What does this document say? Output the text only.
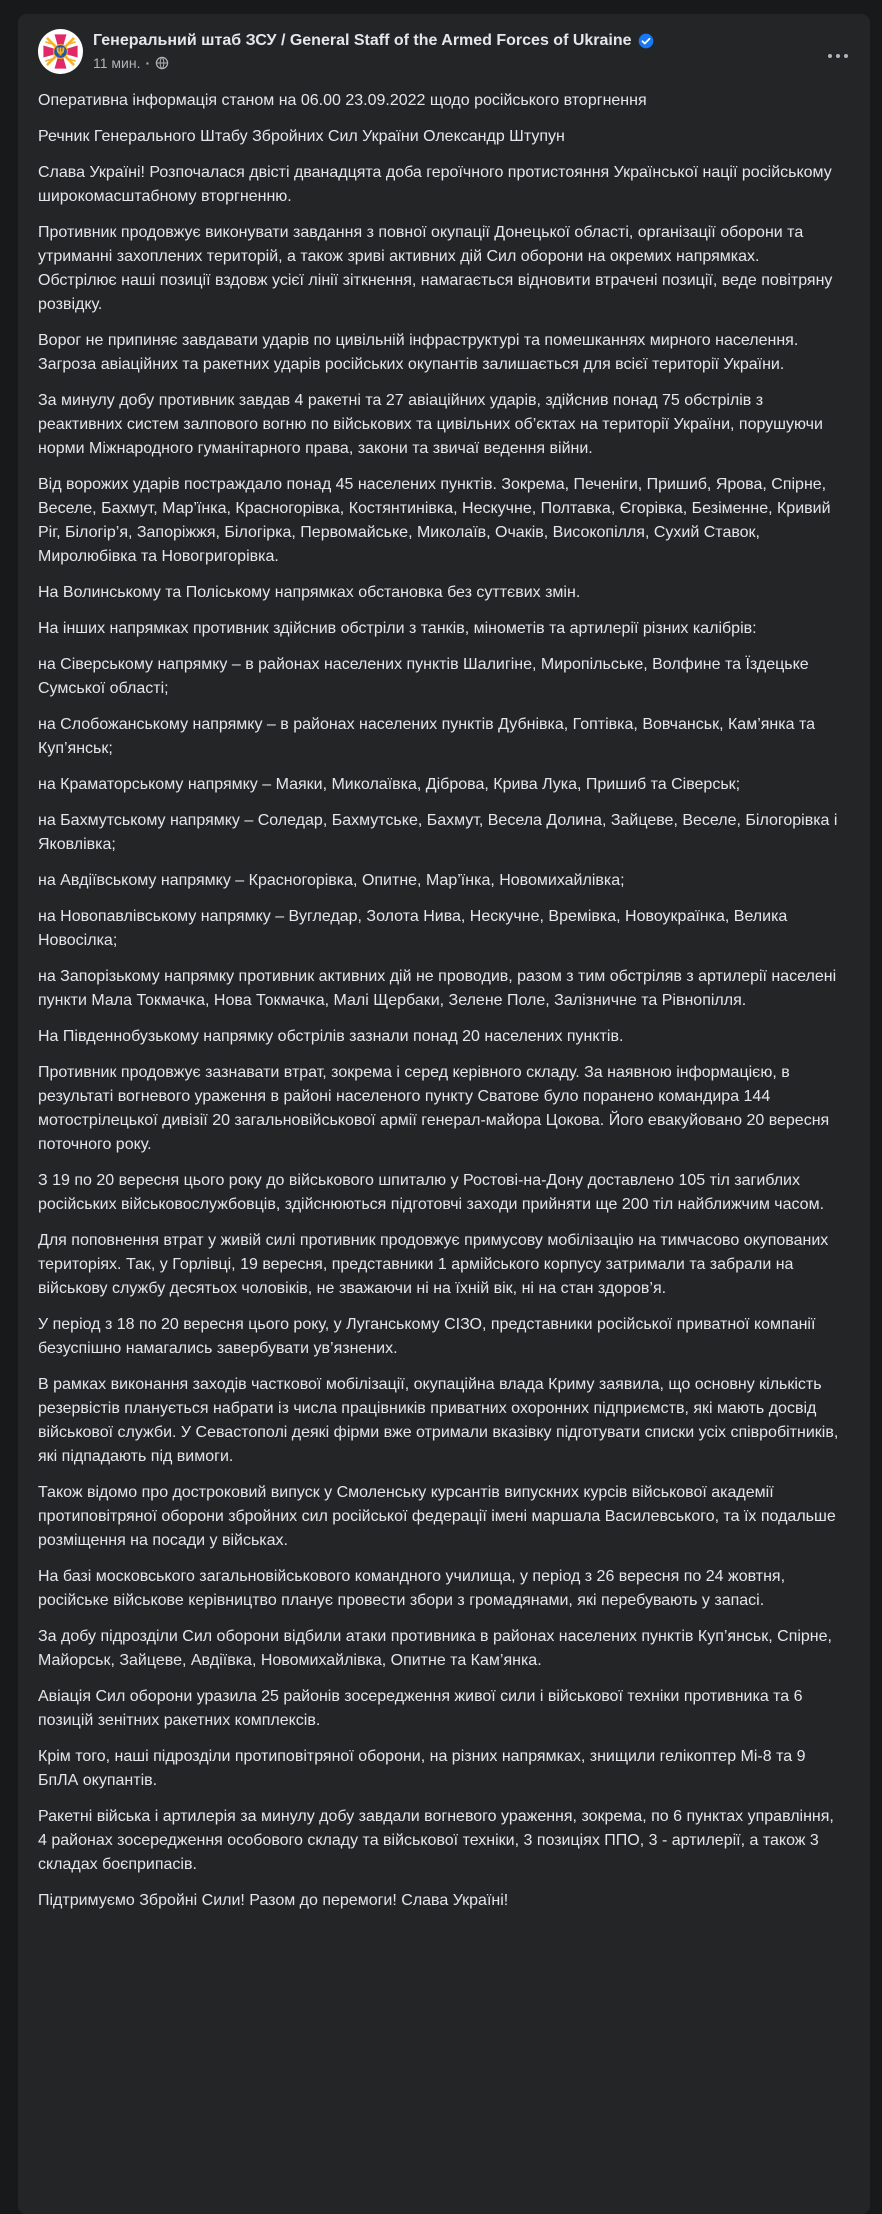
Ψ
Генеральний штаб ЗСУ / General Staff of the Armed Forces of Ukraine
11 мин. ·

Оперативна інформація станом на 06.00 23.09.2022 щодо російського вторгнення

Речник Генерального Штабу Збройних Сил України Олександр Штупун

Слава Україні! Розпочалася двісті дванадцята доба героїчного протистояння Української нації російському широкомасштабному вторгненню.

Противник продовжує виконувати завдання з повної окупації Донецької області, організації оборони та утриманні захоплених територій, а також зриві активних дій Сил оборони на окремих напрямках. Обстрілює наші позиції вздовж усієї лінії зіткнення, намагається відновити втрачені позиції, веде повітряну розвідку.

Ворог не припиняє завдавати ударів по цивільній інфраструктурі та помешканнях мирного населення. Загроза авіаційних та ракетних ударів російських окупантів залишається для всієї території України.

За минулу добу противник завдав 4 ракетні та 27 авіаційних ударів, здійснив понад 75 обстрілів з реактивних систем залпового вогню по військових та цивільних об’єктах на території України, порушуючи норми Міжнародного гуманітарного права, закони та звичаї ведення війни.

Від ворожих ударів постраждало понад 45 населених пунктів. Зокрема, Печеніги, Пришиб, Ярова, Спірне, Веселе, Бахмут, Мар’їнка, Красногорівка, Костянтинівка, Нескучне, Полтавка, Єгорівка, Безіменне, Кривий Ріг, Білогір’я, Запоріжжя, Білогірка, Первомайське, Миколаїв, Очаків, Високопілля, Сухий Ставок, Миролюбівка та Новогригорівка.

На Волинському та Поліському напрямках обстановка без суттєвих змін.

На інших напрямках противник здійснив обстріли з танків, мінометів та артилерії різних калібрів:

на Сіверському напрямку – в районах населених пунктів Шалигіне, Миропільське, Волфине та Їздецьке Сумської області;

на Слобожанському напрямку – в районах населених пунктів Дубнівка, Гоптівка, Вовчанськ, Кам’янка та Куп’янськ;

на Краматорському напрямку – Маяки, Миколаївка, Діброва, Крива Лука, Пришиб та Сіверськ;

на Бахмутському напрямку – Соледар, Бахмутське, Бахмут, Весела Долина, Зайцеве, Веселе, Білогорівка і Яковлівка;

на Авдіївському напрямку – Красногорівка, Опитне, Мар’їнка, Новомихайлівка;

на Новопавлівському напрямку – Вугледар, Золота Нива, Нескучне, Времівка, Новоукраїнка, Велика Новосілка;

на Запорізькому напрямку противник активних дій не проводив, разом з тим обстріляв з артилерії населені пункти Мала Токмачка, Нова Токмачка, Малі Щербаки, Зелене Поле, Залізничне та Рівнопілля.

На Південнобузькому напрямку обстрілів зазнали понад 20 населених пунктів.

Противник продовжує зазнавати втрат, зокрема і серед керівного складу. За наявною інформацією, в результаті вогневого ураження в районі населеного пункту Сватове було поранено командира 144 мотострілецької дивізії 20 загальновійськової армії генерал-майора Цокова. Його евакуйовано 20 вересня поточного року.

З 19 по 20 вересня цього року до військового шпиталю у Ростові-на-Дону доставлено 105 тіл загиблих російських військовослужбовців, здійснюються підготовчі заходи прийняти ще 200 тіл найближчим часом.

Для поповнення втрат у живій силі противник продовжує примусову мобілізацію на тимчасово окупованих територіях. Так, у Горлівці, 19 вересня, представники 1 армійського корпусу затримали та забрали на військову службу десятьох чоловіків, не зважаючи ні на їхній вік, ні на стан здоров’я.

У період з 18 по 20 вересня цього року, у Луганському СІЗО, представники російської приватної компанії безуспішно намагались завербувати ув’язнених.

В рамках виконання заходів часткової мобілізації, окупаційна влада Криму заявила, що основну кількість резервістів планується набрати із числа працівників приватних охоронних підприємств, які мають досвід військової служби. У Севастополі деякі фірми вже отримали вказівку підготувати списки усіх співробітників, які підпадають під вимоги.

Також відомо про достроковий випуск у Смоленську курсантів випускних курсів військової академії протиповітряної оборони збройних сил російської федерації імені маршала Василевського, та їх подальше розміщення на посади у військах.

На базі московського загальновійськового командного училища, у період з 26 вересня по 24 жовтня, російське військове керівництво планує провести збори з громадянами, які перебувають у запасі.

За добу підрозділи Сил оборони відбили атаки противника в районах населених пунктів Куп’янськ, Спірне, Майорськ, Зайцеве, Авдіївка, Новомихайлівка, Опитне та Кам’янка.

Авіація Сил оборони уразила 25 районів зосередження живої сили і військової техніки противника та 6 позицій зенітних ракетних комплексів.

Крім того, наші підрозділи протиповітряної оборони, на різних напрямках, знищили гелікоптер Мі-8 та 9 БпЛА окупантів.

Ракетні війська і артилерія за минулу добу завдали вогневого ураження, зокрема, по 6 пунктах управління, 4 районах зосередження особового складу та військової техніки, 3 позиціях ППО, 3 - артилерії, а також 3 складах боєприпасів.

Підтримуємо Збройні Сили! Разом до перемоги! Слава Україні!
